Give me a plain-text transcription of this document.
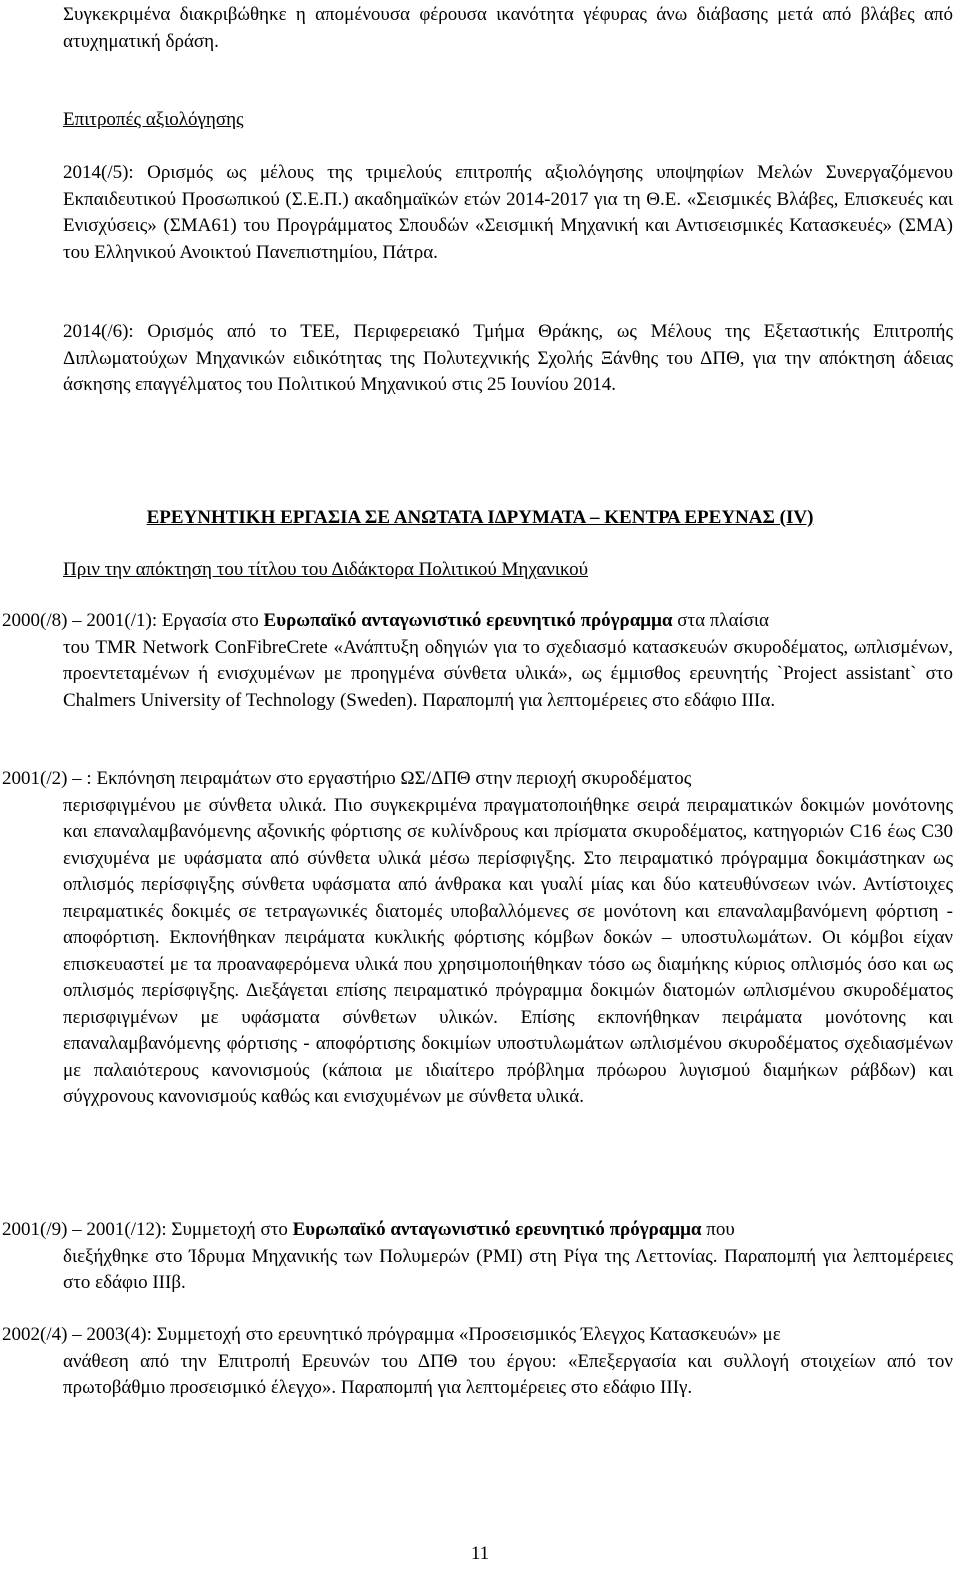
Συγκεκριμένα διακριβώθηκε η απομένουσα φέρουσα ικανότητα γέφυρας άνω διάβασης μετά από βλάβες από ατυχηματική δράση.

Επιτροπές αξιολόγησης

2014(/5): Ορισμός ως μέλους της τριμελούς επιτροπής αξιολόγησης υποψηφίων Μελών Συνεργαζόμενου Εκπαιδευτικού Προσωπικού (Σ.Ε.Π.) ακαδημαϊκών ετών 2014-2017 για τη Θ.Ε. «Σεισμικές Βλάβες, Επισκευές και Ενισχύσεις» (ΣΜΑ61) του Προγράμματος Σπουδών «Σεισμική Μηχανική και Αντισεισμικές Κατασκευές» (ΣΜΑ) του Ελληνικού Ανοικτού Πανεπιστημίου, Πάτρα.

2014(/6): Ορισμός από το ΤΕΕ, Περιφερειακό Τμήμα Θράκης, ως Μέλους της Εξεταστικής Επιτροπής Διπλωματούχων Μηχανικών ειδικότητας της Πολυτεχνικής Σχολής Ξάνθης του ΔΠΘ, για την απόκτηση άδειας άσκησης επαγγέλματος του Πολιτικού Μηχανικού στις 25 Ιουνίου 2014.

ΕΡΕΥΝΗΤΙΚΗ ΕΡΓΑΣΙΑ ΣΕ ΑΝΩΤΑΤΑ ΙΔΡΥΜΑΤΑ – ΚΕΝΤΡΑ ΕΡΕΥΝΑΣ (IV)

Πριν την απόκτηση του τίτλου του Διδάκτορα Πολιτικού Μηχανικού

2000(/8) – 2001(/1): Εργασία στο Ευρωπαϊκό ανταγωνιστικό ερευνητικό πρόγραμμα στα πλαίσια
του TMR Network ConFibreCrete «Ανάπτυξη οδηγιών για το σχεδιασμό κατασκευών σκυροδέματος, ωπλισμένων, προεντεταμένων ή ενισχυμένων με προηγμένα σύνθετα υλικά», ως έμμισθος ερευνητής `Project assistant` στο Chalmers University of Technology (Sweden). Παραπομπή για λεπτομέρειες στο εδάφιο ΙΙΙα.
2001(/2) – : Εκπόνηση πειραμάτων στο εργαστήριο ΩΣ/ΔΠΘ στην περιοχή σκυροδέματος
περισφιγμένου με σύνθετα υλικά. Πιο συγκεκριμένα πραγματοποιήθηκε σειρά πειραματικών δοκιμών μονότονης και επαναλαμβανόμενης αξονικής φόρτισης σε κυλίνδρους και πρίσματα σκυροδέματος, κατηγοριών C16 έως C30 ενισχυμένα με υφάσματα από σύνθετα υλικά μέσω περίσφιγξης. Στο πειραματικό πρόγραμμα δοκιμάστηκαν ως οπλισμός περίσφιγξης σύνθετα υφάσματα από άνθρακα και γυαλί μίας και δύο κατευθύνσεων ινών. Αντίστοιχες πειραματικές δοκιμές σε τετραγωνικές διατομές υποβαλλόμενες σε μονότονη και επαναλαμβανόμενη φόρτιση - αποφόρτιση. Εκπονήθηκαν πειράματα κυκλικής φόρτισης κόμβων δοκών – υποστυλωμάτων. Οι κόμβοι είχαν επισκευαστεί με τα προαναφερόμενα υλικά που χρησιμοποιήθηκαν τόσο ως διαμήκης κύριος οπλισμός όσο και ως οπλισμός περίσφιγξης. Διεξάγεται επίσης πειραματικό πρόγραμμα δοκιμών διατομών ωπλισμένου σκυροδέματος περισφιγμένων με υφάσματα σύνθετων υλικών. Επίσης εκπονήθηκαν πειράματα μονότονης και επαναλαμβανόμενης φόρτισης - αποφόρτισης δοκιμίων υποστυλωμάτων ωπλισμένου σκυροδέματος σχεδιασμένων με παλαιότερους κανονισμούς (κάποια με ιδιαίτερο πρόβλημα πρόωρου λυγισμού διαμήκων ράβδων) και σύγχρονους κανονισμούς καθώς και ενισχυμένων με σύνθετα υλικά.
2001(/9) – 2001(/12): Συμμετοχή στο Ευρωπαϊκό ανταγωνιστικό ερευνητικό πρόγραμμα που
διεξήχθηκε στο Ίδρυμα Μηχανικής των Πολυμερών (PMI) στη Ρίγα της Λεττονίας. Παραπομπή για λεπτομέρειες στο εδάφιο ΙΙΙβ.
2002(/4) – 2003(4): Συμμετοχή στο ερευνητικό πρόγραμμα «Προσεισμικός Έλεγχος Κατασκευών» με
ανάθεση από την Επιτροπή Ερευνών του ΔΠΘ του έργου: «Επεξεργασία και συλλογή στοιχείων από τον πρωτοβάθμιο προσεισμικό έλεγχο». Παραπομπή για λεπτομέρειες στο εδάφιο ΙΙΙγ.
11
